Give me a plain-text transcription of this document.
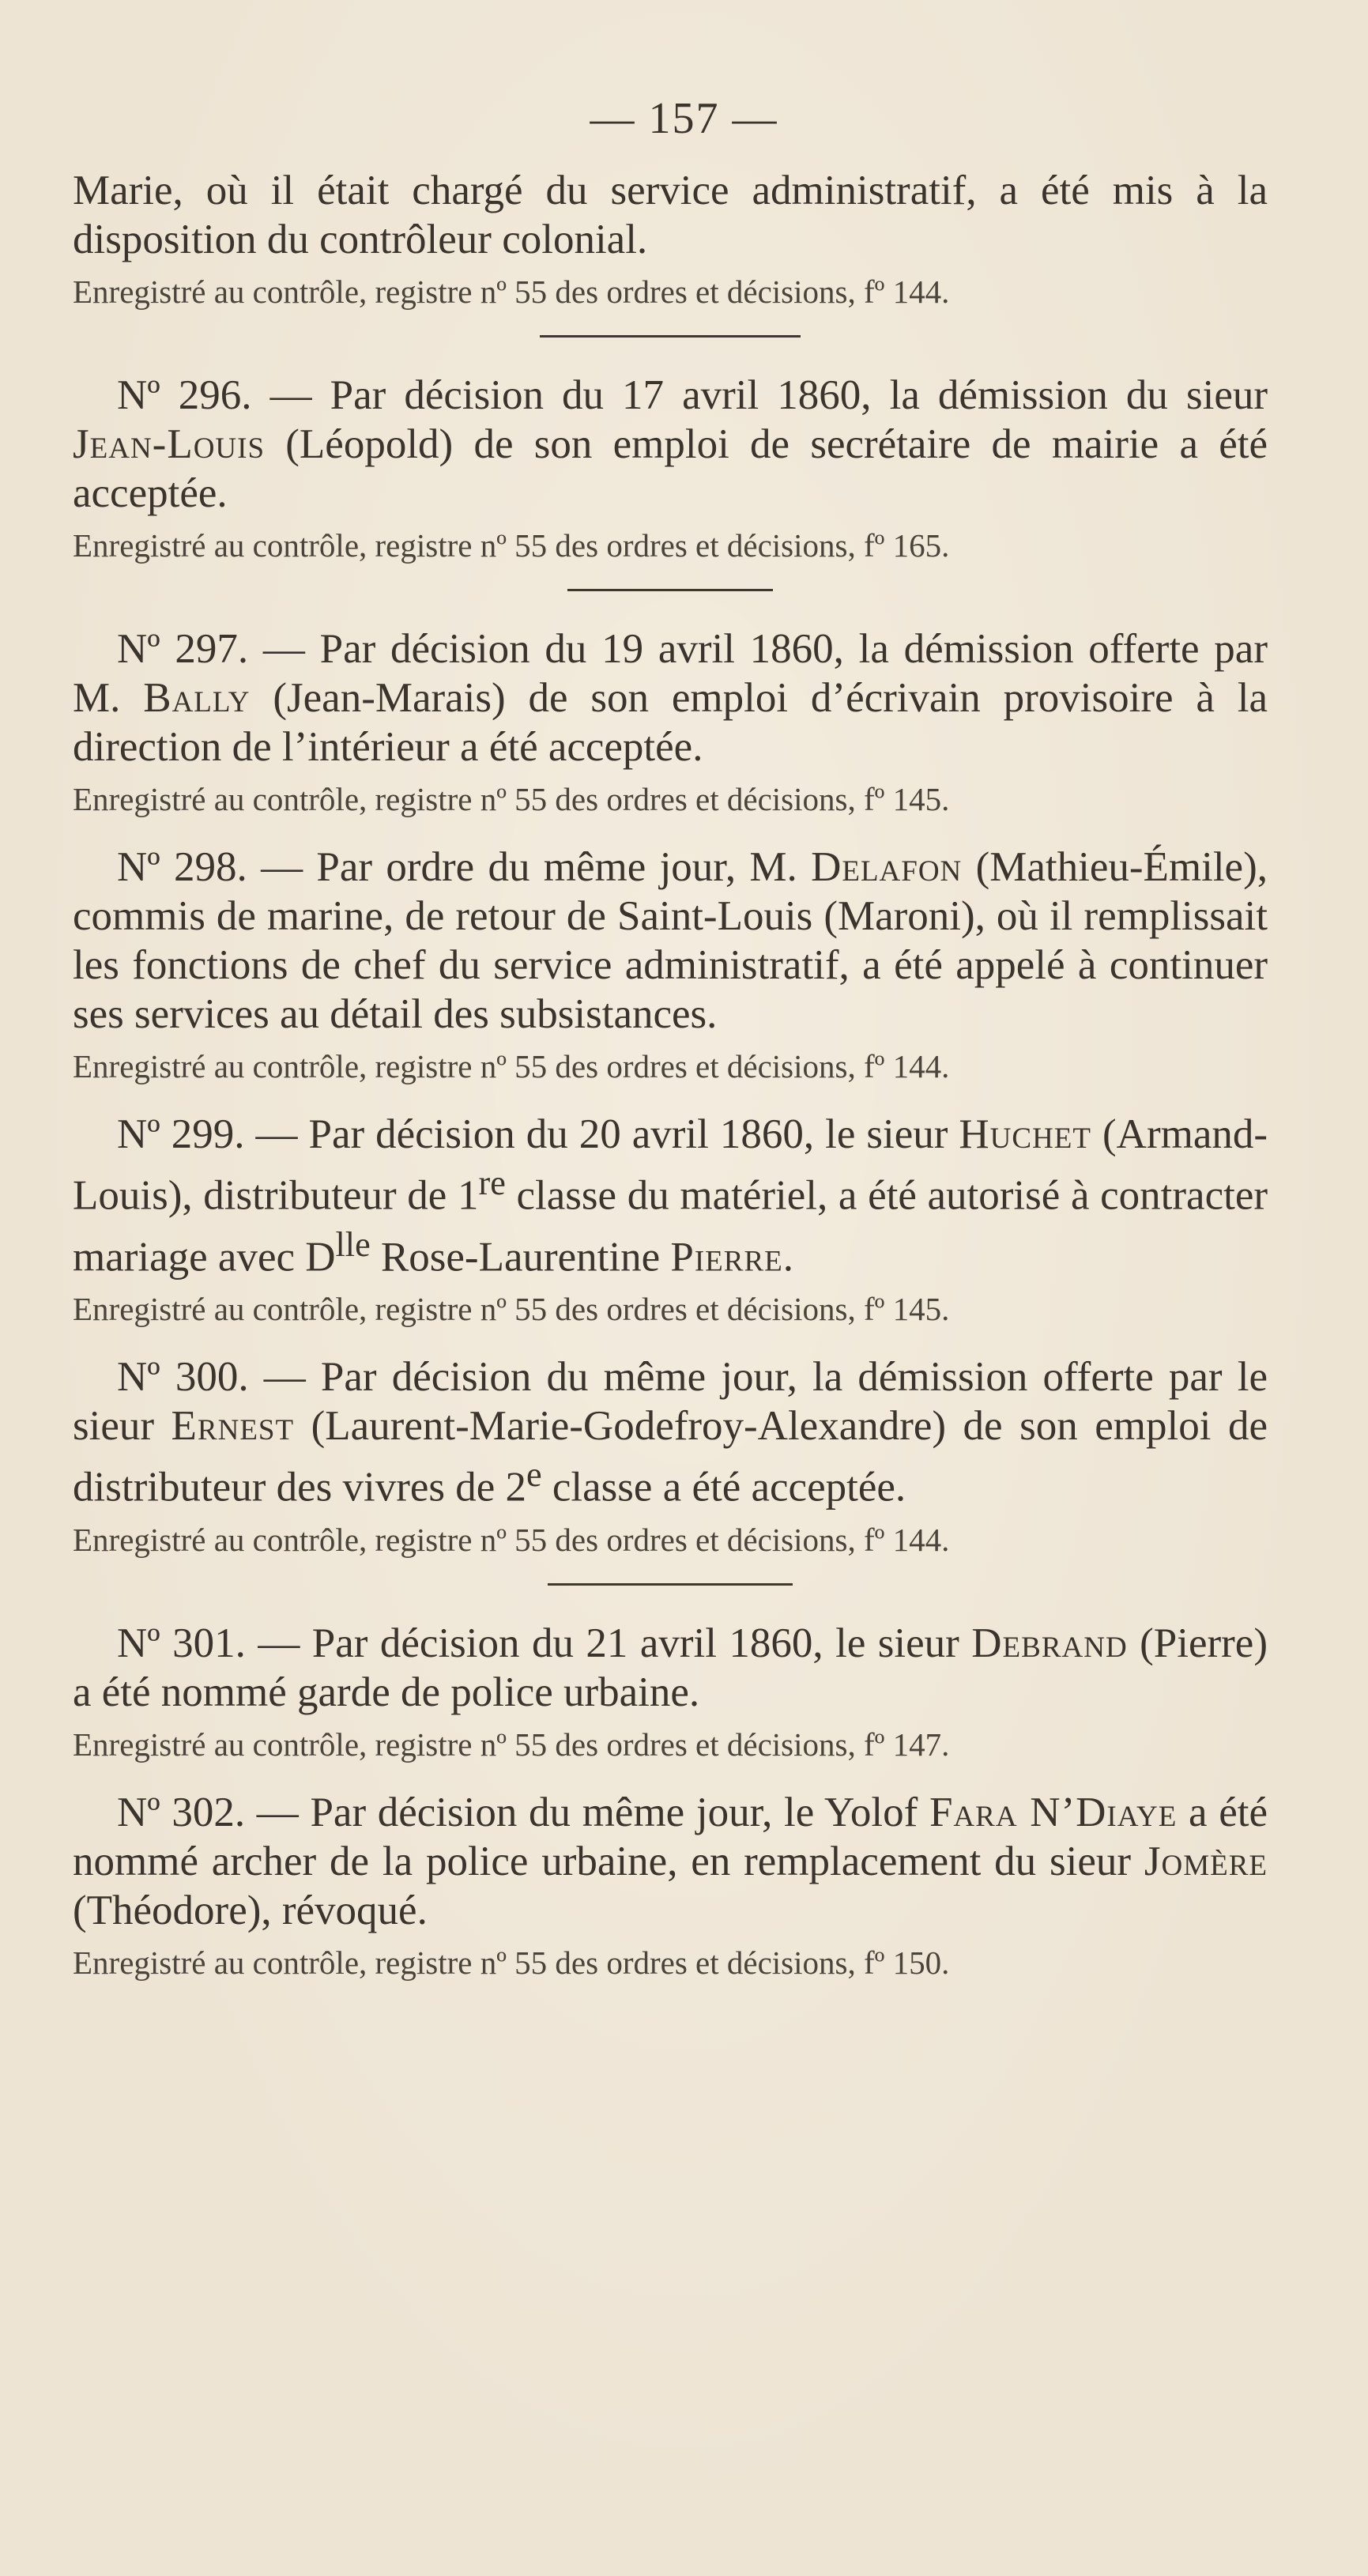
— 157 —

Marie, où il était chargé du service administratif, a été mis à la disposition du contrôleur colonial.

Enregistré au contrôle, registre nº 55 des ordres et décisions, fº 144.

Nº 296. — Par décision du 17 avril 1860, la démission du sieur Jean-Louis (Léopold) de son emploi de secrétaire de mairie a été acceptée.

Enregistré au contrôle, registre nº 55 des ordres et décisions, fº 165.

Nº 297. — Par décision du 19 avril 1860, la démission offerte par M. Bally (Jean-Marais) de son emploi d’écrivain provisoire à la direction de l’intérieur a été acceptée.

Enregistré au contrôle, registre nº 55 des ordres et décisions, fº 145.

Nº 298. — Par ordre du même jour, M. Delafon (Mathieu-Émile), commis de marine, de retour de Saint-Louis (Maroni), où il remplissait les fonctions de chef du service administratif, a été appelé à continuer ses services au détail des subsistances.

Enregistré au contrôle, registre nº 55 des ordres et décisions, fº 144.

Nº 299. — Par décision du 20 avril 1860, le sieur Huchet (Armand-Louis), distributeur de 1re classe du matériel, a été autorisé à contracter mariage avec $D^{lle}$ Rose-Laurentine Pierre.

Enregistré au contrôle, registre nº 55 des ordres et décisions, fº 145.

Nº 300. — Par décision du même jour, la démission offerte par le sieur Ernest (Laurent-Marie-Godefroy-Alexandre) de son emploi de distributeur des vivres de 2e classe a été acceptée.

Enregistré au contrôle, registre nº 55 des ordres et décisions, fº 144.

Nº 301. — Par décision du 21 avril 1860, le sieur Debrand (Pierre) a été nommé garde de police urbaine.

Enregistré au contrôle, registre nº 55 des ordres et décisions, fº 147.

Nº 302. — Par décision du même jour, le Yolof Fara N’Diaye a été nommé archer de la police urbaine, en remplacement du sieur Jomère (Théodore), révoqué.

Enregistré au contrôle, registre nº 55 des ordres et décisions, fº 150.
